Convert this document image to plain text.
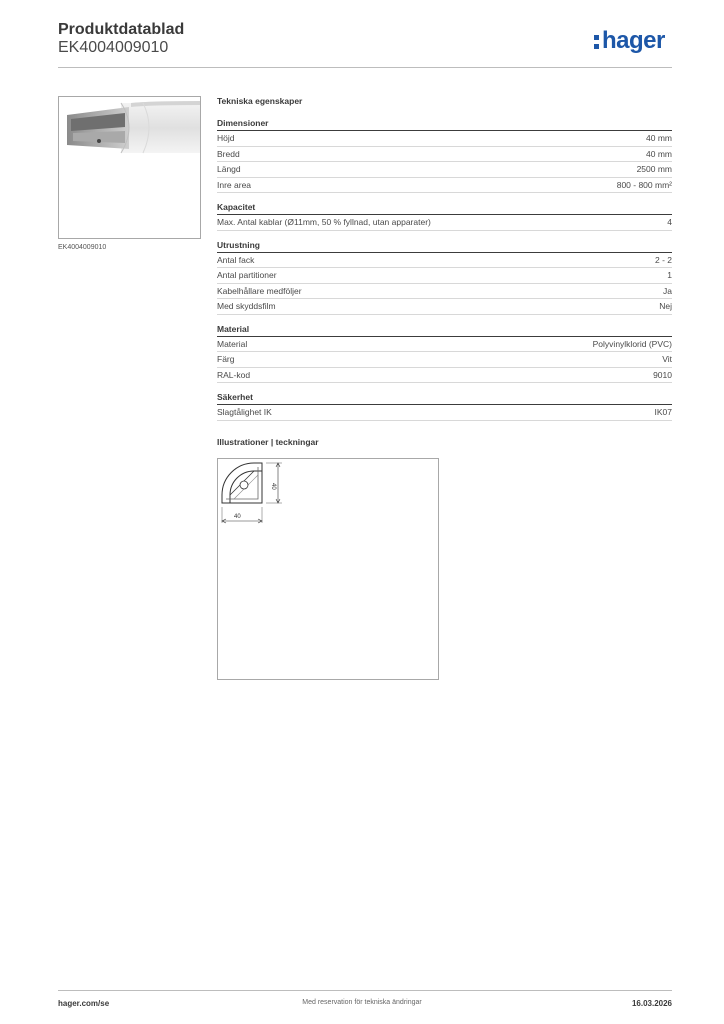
Produktdatablad
EK4004009010	hager
EK4004009010
Tekniska egenskaper
Dimensioner
Höjd	40 mm
Bredd	40 mm
Längd	2500 mm
Inre area	800 - 800 mm²
Kapacitet
Max. Antal kablar (Ø11mm, 50 % fyllnad, utan apparater)	4
Utrustning
Antal fack	2 - 2
Antal partitioner	1
Kabelhållare medföljer	Ja
Med skyddsfilm	Nej
Material
Material	Polyvinylklorid (PVC)
Färg	Vit
RAL-kod	9010
Säkerhet
Slagtålighet IK	IK07
Illustrationer | teckningar
40
40
Med reservation för tekniska ändringar
hager.com/se	16.03.2026
